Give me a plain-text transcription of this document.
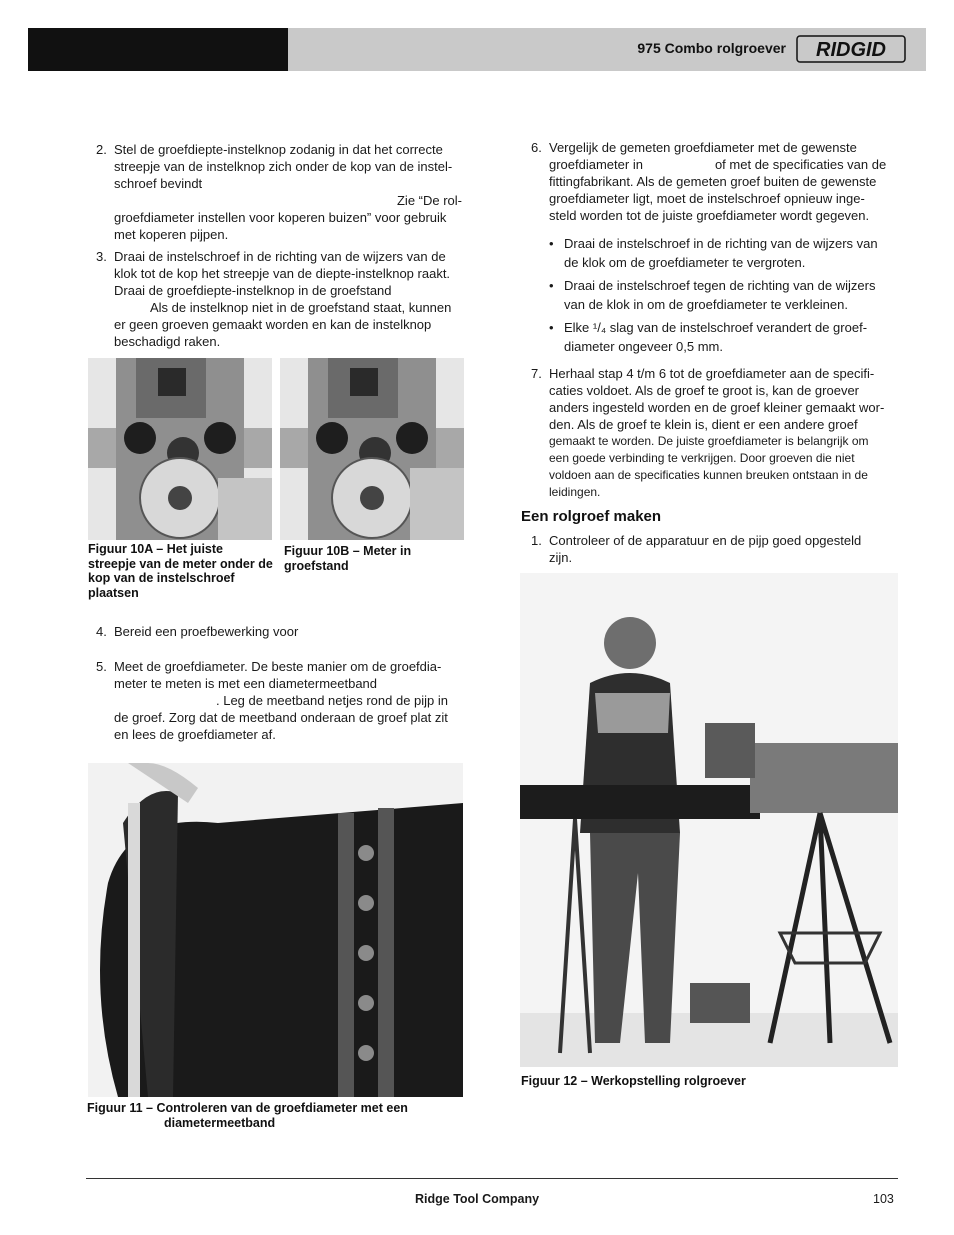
975 Combo rolgroever RIDGID
2. Stel de groefdiepte-instelknop zodanig in dat het correcte
streepje van de instelknop zich onder de kop van de instel-
schroef bevindt
Zie “De rol-
groefdiameter instellen voor koperen buizen” voor gebruik
met koperen pijpen.
3. Draai de instelschroef in de richting van de wijzers van de
klok tot de kop het streepje van de diepte-instelknop raakt.
Draai de groefdiepte-instelknop in de groefstand
Als de instelknop niet in de groefstand staat, kunnen
er geen groeven gemaakt worden en kan de instelknop
beschadigd raken.
Figuur 10A – Het juiste streepje van de meter onder de kop van de instelschroef plaatsen
Figuur 10B – Meter in groefstand
4. Bereid een proefbewerking voor
5. Meet de groefdiameter. De beste manier om de groefdia-
meter te meten is met een diametermeetband
. Leg de meetband netjes rond de pijp in
de groef. Zorg dat de meetband onderaan de groef plat zit
en lees de groefdiameter af.
Figuur 11 – Controleren van de groefdiameter met een
diametermeetband
6. Vergelijk de gemeten groefdiameter met de gewenste
groefdiameter in	of met de specificaties van de
fittingfabrikant. Als de gemeten groef buiten de gewenste
groefdiameter ligt, moet de instelschroef opnieuw inge-
steld worden tot de juiste groefdiameter wordt gegeven.
• Draai de instelschroef in de richting van de wijzers van
de klok om de groefdiameter te vergroten.
• Draai de instelschroef tegen de richting van de wijzers
van de klok in om de groefdiameter te verkleinen.
• Elke ¹/₄ slag van de instelschroef verandert de groef-
diameter ongeveer 0,5 mm.
7. Herhaal stap 4 t/m 6 tot de groefdiameter aan de specifi-
caties voldoet. Als de groef te groot is, kan de groever
anders ingesteld worden en de groef kleiner gemaakt wor-
den. Als de groef te klein is, dient er een andere groef
gemaakt te worden. De juiste groefdiameter is belangrijk om
een goede verbinding te verkrijgen. Door groeven die niet
voldoen aan de specificaties kunnen breuken ontstaan in de
leidingen.
Een rolgroef maken
1. Controleer of de apparatuur en de pijp goed opgesteld
zijn.
Figuur 12 – Werkopstelling rolgroever
Ridge Tool Company	103
